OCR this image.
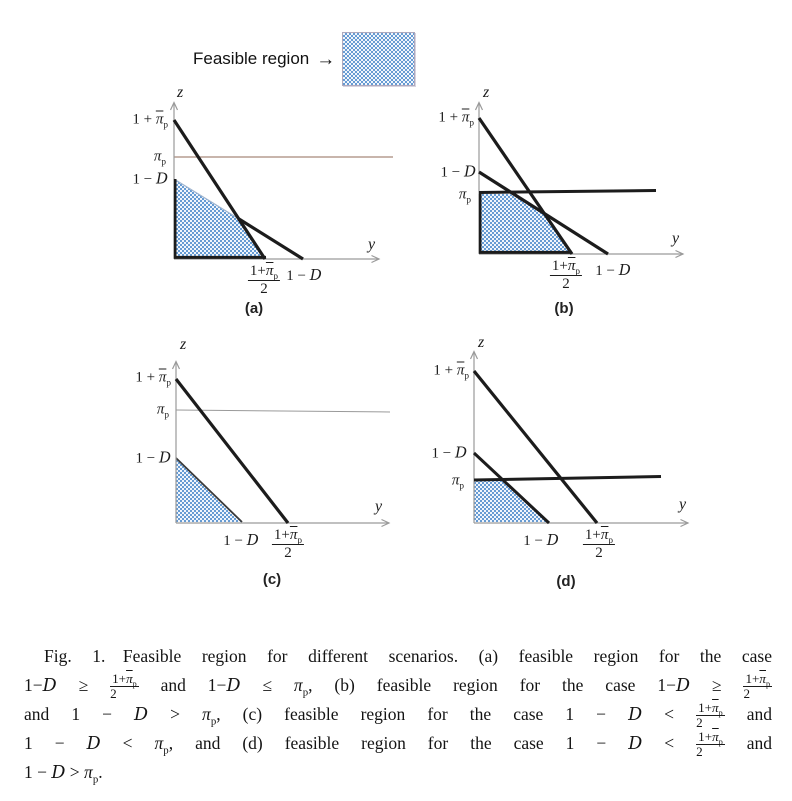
Feasible region →
z
y
$1 + \overline{\pi}_p$
$\pi_p$
1 − D
$\frac{1+\overline{\pi}_p}{2} 1 - D$
(a)
z
y
$1 + \overline{\pi}_p$
1 − D
$\pi_p$
$\frac{1+\overline{\pi}_p}{2} 1 - D$
(b)
z
y
$1 + \overline{\pi}_p$
$\pi_p$
1 − D
1 − D $\frac{1+\overline{\pi}_p}{2}$
(c)
z
y
$1 + \overline{\pi}_p$
1 − D
$\pi_p$
1 − D $\frac{1+\overline{\pi}_p}{2}$
(d)
Fig. 1.  Feasible region for different scenarios. (a) feasible region for the case
$1-D \ge \frac{1+\overline{\pi}_p}{2}$ and $1-D \le \pi_p$, (b) feasible region for the case $1-D \ge \frac{1+\overline{\pi}_p}{2}$
and $1 - D > \pi_p$, (c) feasible region for the case $1 - D < \frac{1+\overline{\pi}_p}{2}$ and
$1 - D < \pi_p$, and (d) feasible region for the case $1 - D < \frac{1+\overline{\pi}_p}{2}$ and
$1 - D > \pi_p$.
